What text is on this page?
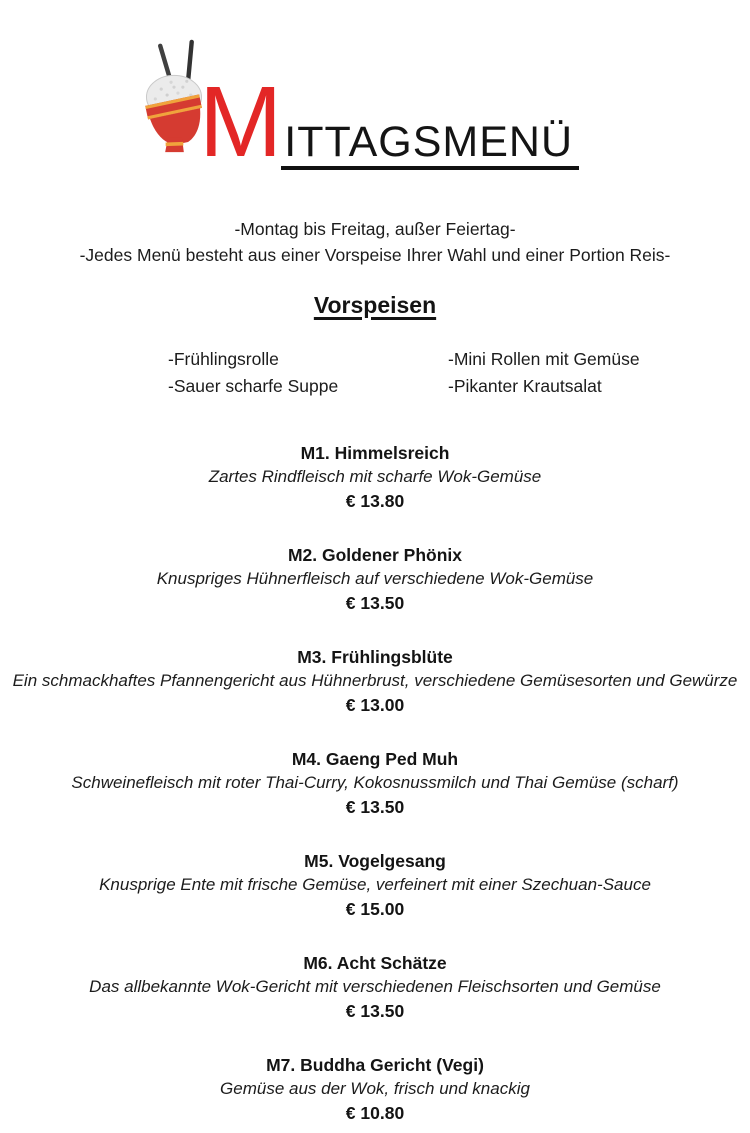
M ITTAGSMENÜ

-Montag bis Freitag, außer Feiertag-

-Jedes Menü besteht aus einer Vorspeise Ihrer Wahl und einer Portion Reis-

Vorspeisen

-Frühlingsrolle

-Sauer scharfe Suppe

-Mini Rollen mit Gemüse

-Pikanter Krautsalat

M1. Himmelsreich

Zartes Rindfleisch mit scharfe Wok-Gemüse

€ 13.80

M2. Goldener Phönix

Knuspriges Hühnerfleisch auf verschiedene Wok-Gemüse

€ 13.50

M3. Frühlingsblüte

Ein schmackhaftes Pfannengericht aus Hühnerbrust, verschiedene Gemüsesorten und Gewürze

€ 13.00

M4. Gaeng Ped Muh

Schweinefleisch mit roter Thai-Curry, Kokosnussmilch und Thai Gemüse (scharf)

€ 13.50

M5. Vogelgesang

Knusprige Ente mit frische Gemüse, verfeinert mit einer Szechuan-Sauce

€ 15.00

M6. Acht Schätze

Das allbekannte Wok-Gericht mit verschiedenen Fleischsorten und Gemüse

€ 13.50

M7. Buddha Gericht (Vegi)

Gemüse aus der Wok, frisch und knackig

€ 10.80
